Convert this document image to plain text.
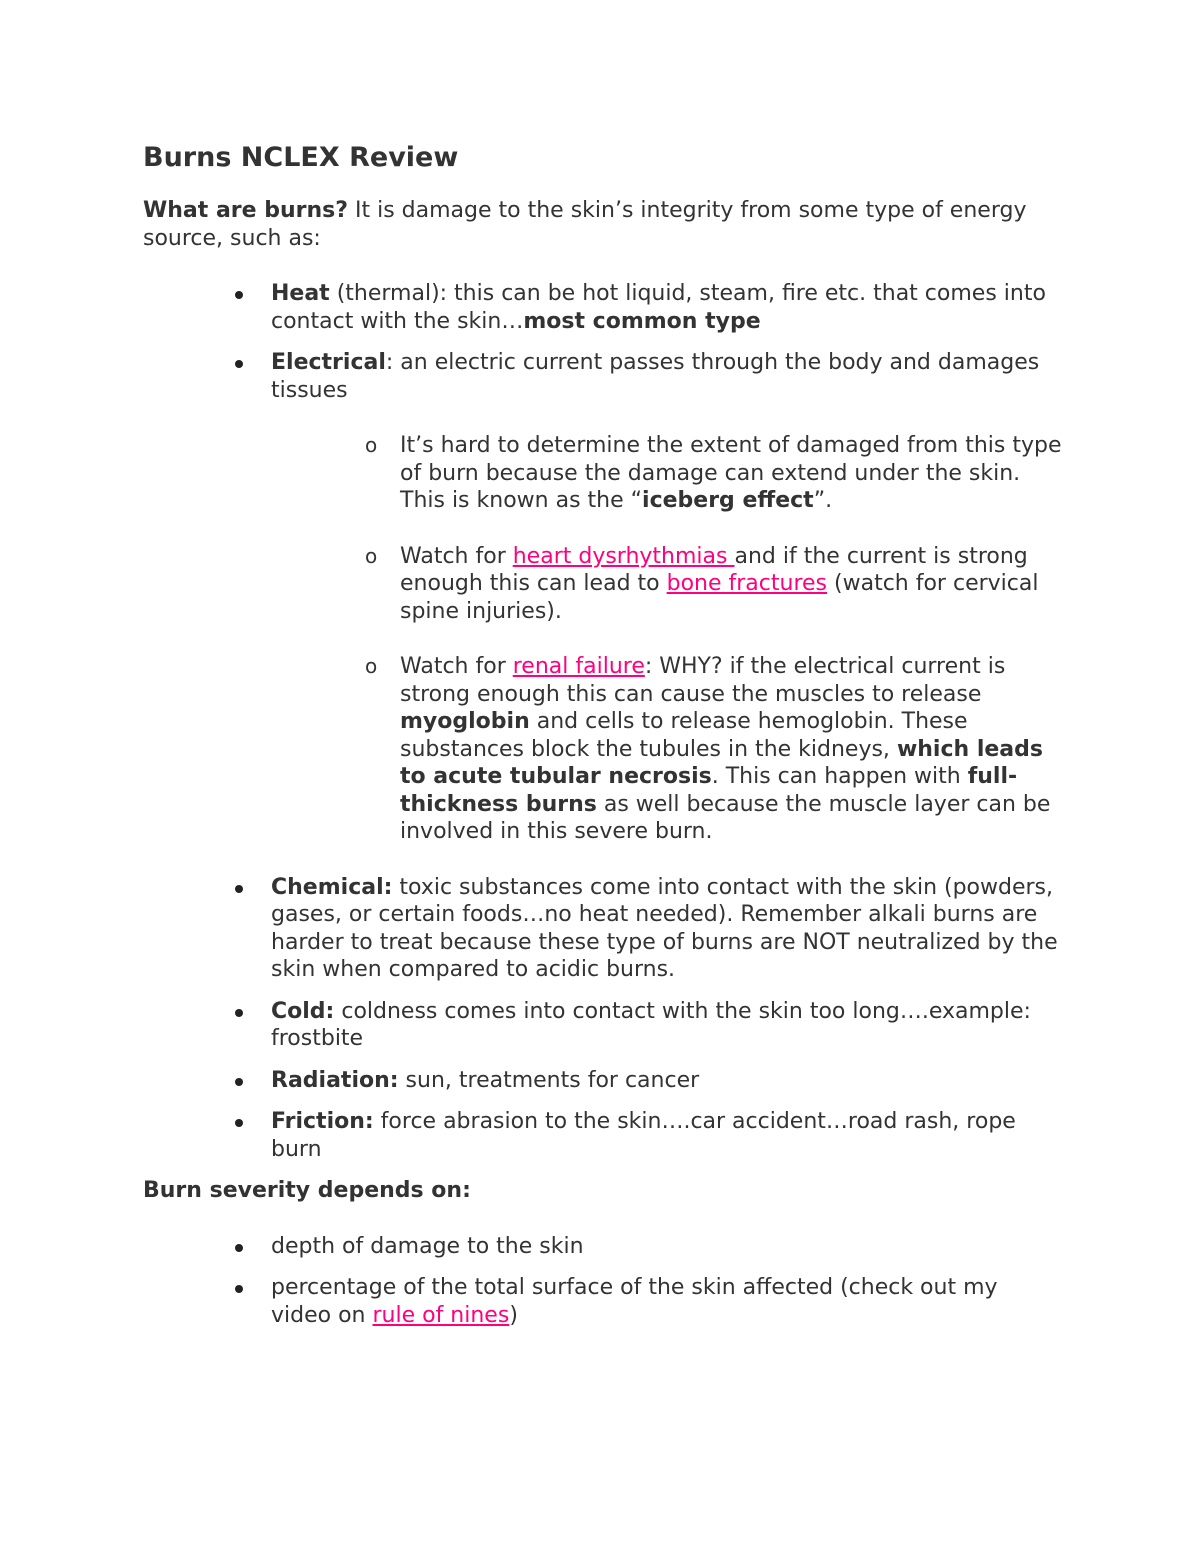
Burns NCLEX Review

What are burns? It is damage to the skin’s integrity from some type of energy source, such as:

Heat (thermal): this can be hot liquid, steam, fire etc. that comes into contact with the skin…most common type
Electrical: an electric current passes through the body and damages tissues
o It’s hard to determine the extent of damaged from this type of burn because the damage can extend under the skin. This is known as the “iceberg effect”.
o Watch for heart dysrhythmias and if the current is strong enough this can lead to bone fractures (watch for cervical spine injuries).
o Watch for renal failure: WHY? if the electrical current is strong enough this can cause the muscles to release myoglobin and cells to release hemoglobin. These substances block the tubules in the kidneys, which leads to acute tubular necrosis. This can happen with full-thickness burns as well because the muscle layer can be involved in this severe burn.
Chemical: toxic substances come into contact with the skin (powders, gases, or certain foods…no heat needed). Remember alkali burns are harder to treat because these type of burns are NOT neutralized by the skin when compared to acidic burns.
Cold: coldness comes into contact with the skin too long….example: frostbite
Radiation: sun, treatments for cancer
Friction: force abrasion to the skin….car accident…road rash, rope burn

Burn severity depends on:

depth of damage to the skin
percentage of the total surface of the skin affected (check out my video on rule of nines)
